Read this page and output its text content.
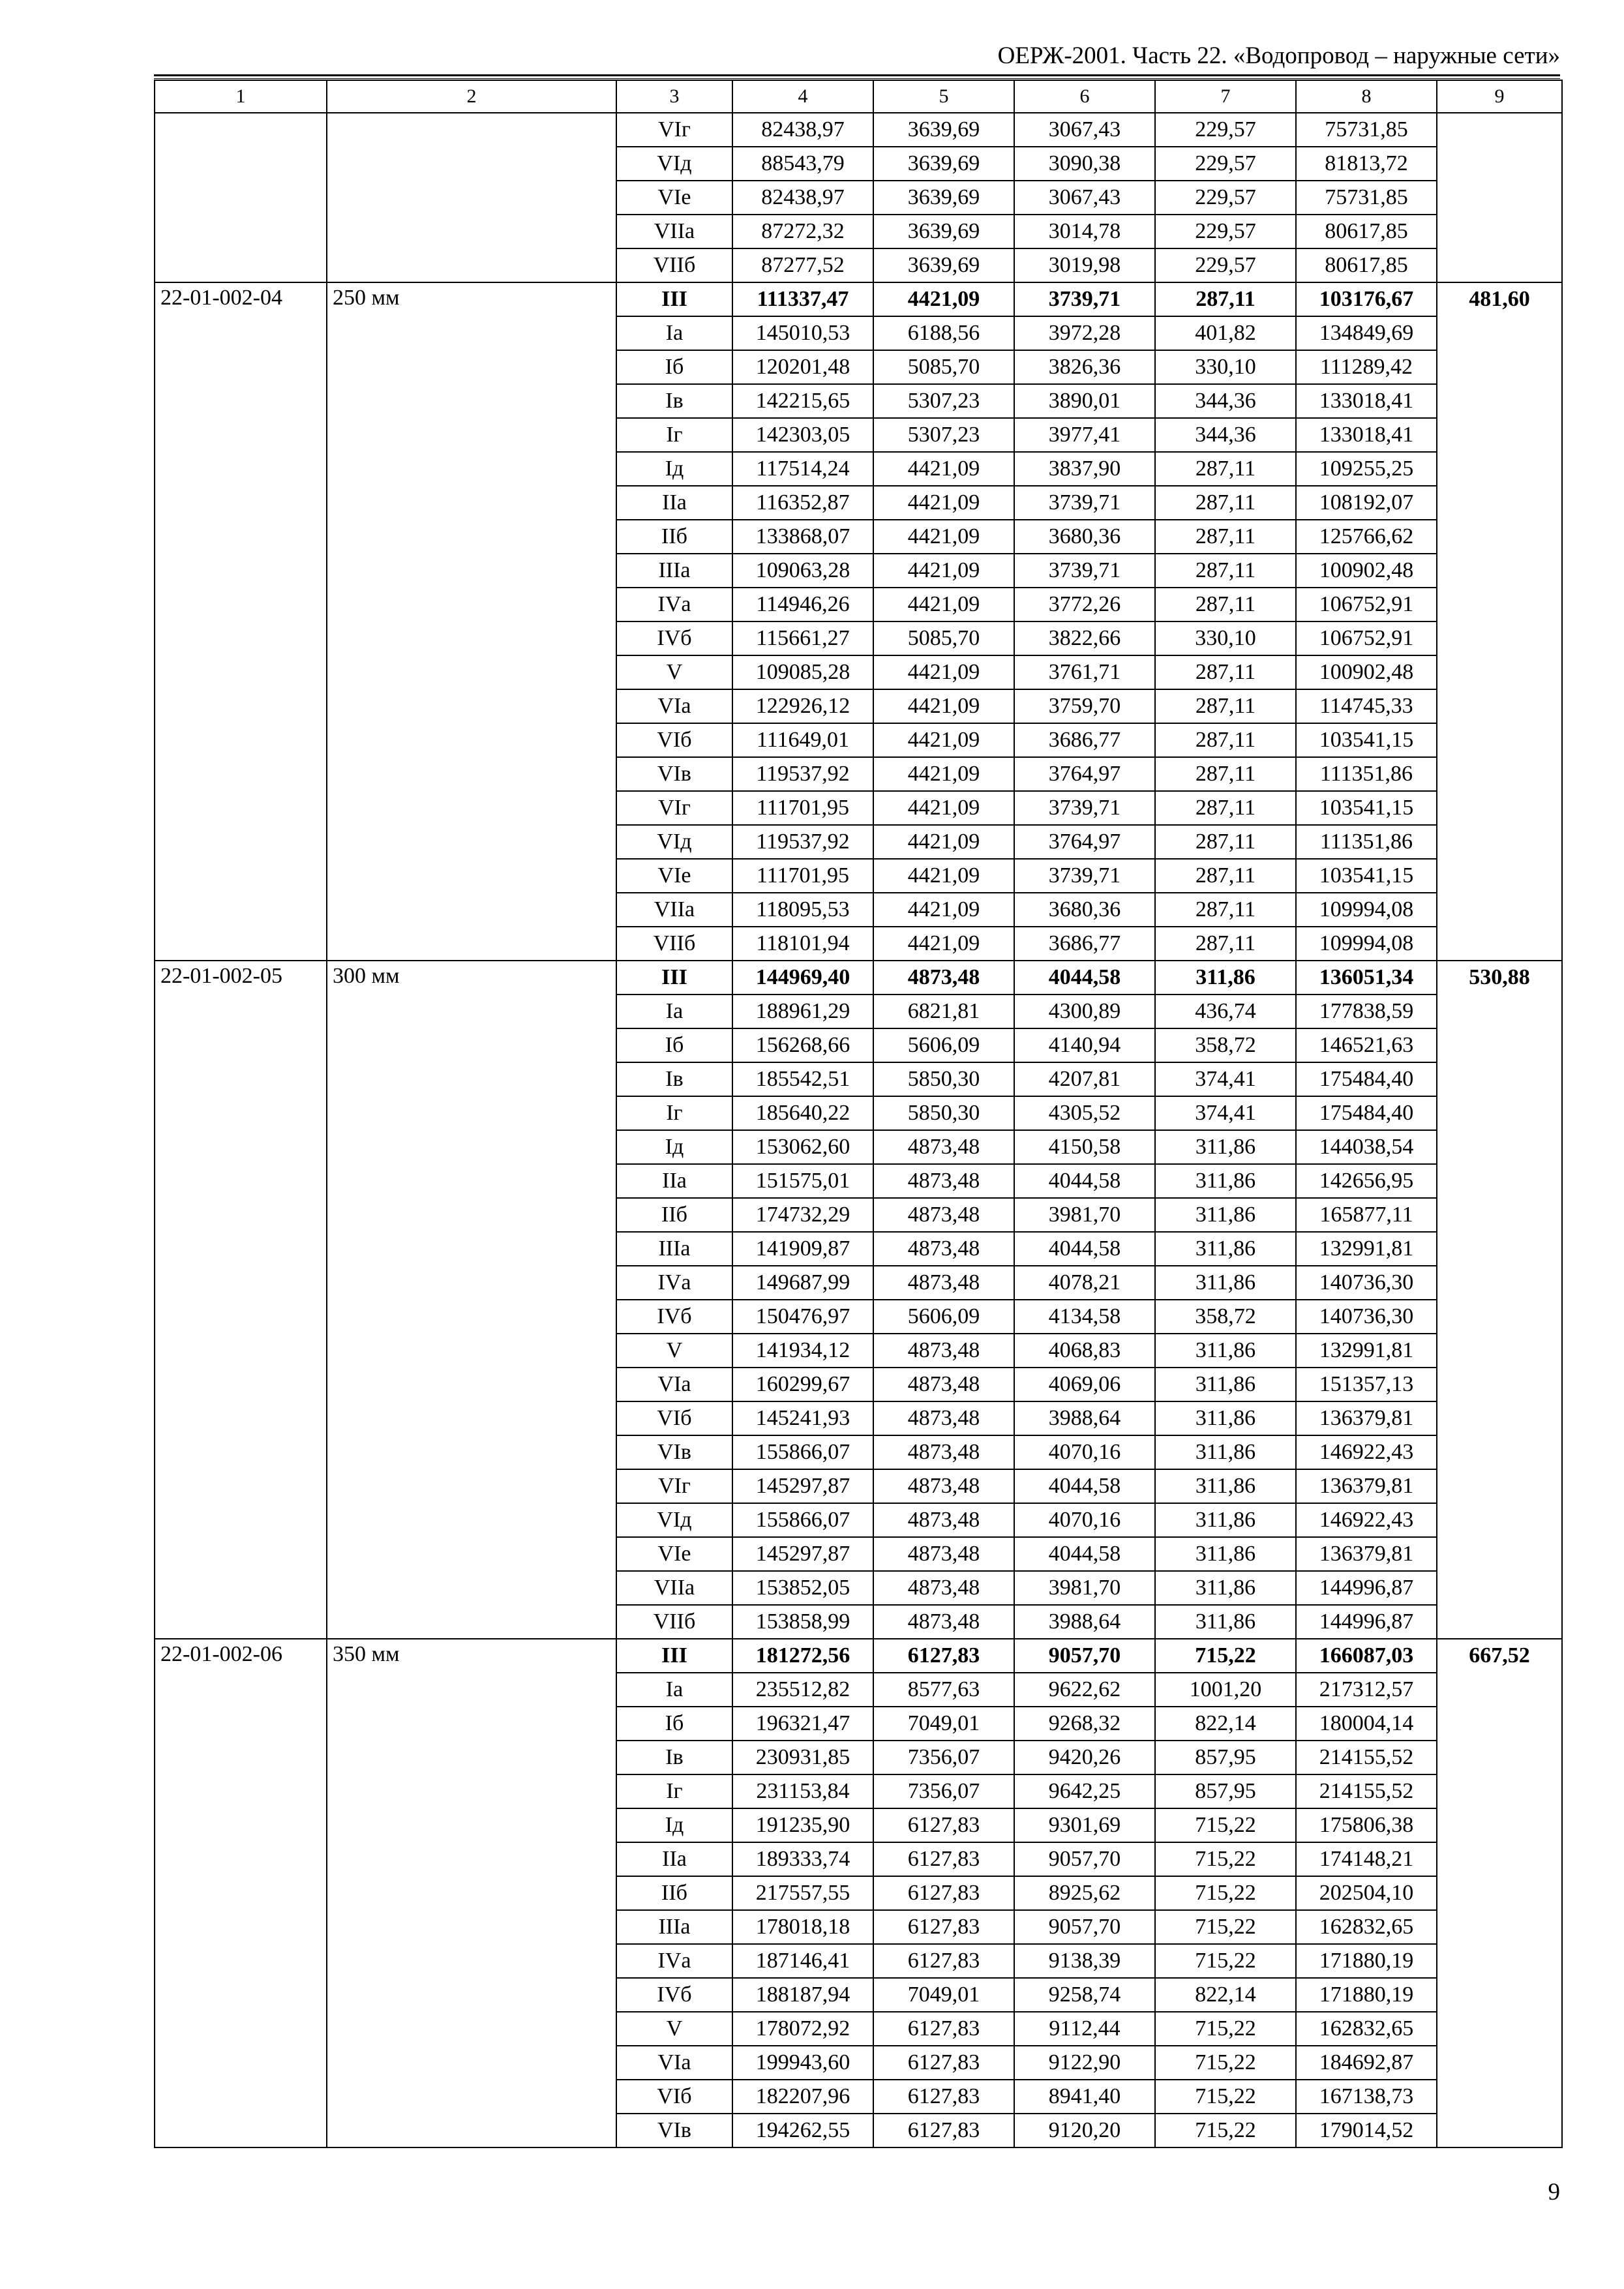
ОЕРЖ-2001. Часть 22. «Водопровод – наружные сети»
1	2	3	4	5	6	7	8	9
		VIг	82438,97	3639,69	3067,43	229,57	75731,85	
		VIд	88543,79	3639,69	3090,38	229,57	81813,72	
		VIе	82438,97	3639,69	3067,43	229,57	75731,85	
		VIIа	87272,32	3639,69	3014,78	229,57	80617,85	
		VIIб	87277,52	3639,69	3019,98	229,57	80617,85	
22-01-002-04	250 мм	III	111337,47	4421,09	3739,71	287,11	103176,67	481,60
		Iа	145010,53	6188,56	3972,28	401,82	134849,69	
		Iб	120201,48	5085,70	3826,36	330,10	111289,42	
		Iв	142215,65	5307,23	3890,01	344,36	133018,41	
		Iг	142303,05	5307,23	3977,41	344,36	133018,41	
		Iд	117514,24	4421,09	3837,90	287,11	109255,25	
		IIа	116352,87	4421,09	3739,71	287,11	108192,07	
		IIб	133868,07	4421,09	3680,36	287,11	125766,62	
		IIIа	109063,28	4421,09	3739,71	287,11	100902,48	
		IVа	114946,26	4421,09	3772,26	287,11	106752,91	
		IVб	115661,27	5085,70	3822,66	330,10	106752,91	
		V	109085,28	4421,09	3761,71	287,11	100902,48	
		VIа	122926,12	4421,09	3759,70	287,11	114745,33	
		VIб	111649,01	4421,09	3686,77	287,11	103541,15	
		VIв	119537,92	4421,09	3764,97	287,11	111351,86	
		VIг	111701,95	4421,09	3739,71	287,11	103541,15	
		VIд	119537,92	4421,09	3764,97	287,11	111351,86	
		VIе	111701,95	4421,09	3739,71	287,11	103541,15	
		VIIа	118095,53	4421,09	3680,36	287,11	109994,08	
		VIIб	118101,94	4421,09	3686,77	287,11	109994,08	
22-01-002-05	300 мм	III	144969,40	4873,48	4044,58	311,86	136051,34	530,88
		Iа	188961,29	6821,81	4300,89	436,74	177838,59	
		Iб	156268,66	5606,09	4140,94	358,72	146521,63	
		Iв	185542,51	5850,30	4207,81	374,41	175484,40	
		Iг	185640,22	5850,30	4305,52	374,41	175484,40	
		Iд	153062,60	4873,48	4150,58	311,86	144038,54	
		IIа	151575,01	4873,48	4044,58	311,86	142656,95	
		IIб	174732,29	4873,48	3981,70	311,86	165877,11	
		IIIа	141909,87	4873,48	4044,58	311,86	132991,81	
		IVа	149687,99	4873,48	4078,21	311,86	140736,30	
		IVб	150476,97	5606,09	4134,58	358,72	140736,30	
		V	141934,12	4873,48	4068,83	311,86	132991,81	
		VIа	160299,67	4873,48	4069,06	311,86	151357,13	
		VIб	145241,93	4873,48	3988,64	311,86	136379,81	
		VIв	155866,07	4873,48	4070,16	311,86	146922,43	
		VIг	145297,87	4873,48	4044,58	311,86	136379,81	
		VIд	155866,07	4873,48	4070,16	311,86	146922,43	
		VIе	145297,87	4873,48	4044,58	311,86	136379,81	
		VIIа	153852,05	4873,48	3981,70	311,86	144996,87	
		VIIб	153858,99	4873,48	3988,64	311,86	144996,87	
22-01-002-06	350 мм	III	181272,56	6127,83	9057,70	715,22	166087,03	667,52
		Iа	235512,82	8577,63	9622,62	1001,20	217312,57	
		Iб	196321,47	7049,01	9268,32	822,14	180004,14	
		Iв	230931,85	7356,07	9420,26	857,95	214155,52	
		Iг	231153,84	7356,07	9642,25	857,95	214155,52	
		Iд	191235,90	6127,83	9301,69	715,22	175806,38	
		IIа	189333,74	6127,83	9057,70	715,22	174148,21	
		IIб	217557,55	6127,83	8925,62	715,22	202504,10	
		IIIа	178018,18	6127,83	9057,70	715,22	162832,65	
		IVа	187146,41	6127,83	9138,39	715,22	171880,19	
		IVб	188187,94	7049,01	9258,74	822,14	171880,19	
		V	178072,92	6127,83	9112,44	715,22	162832,65	
		VIа	199943,60	6127,83	9122,90	715,22	184692,87	
		VIб	182207,96	6127,83	8941,40	715,22	167138,73	
		VIв	194262,55	6127,83	9120,20	715,22	179014,52	
9
